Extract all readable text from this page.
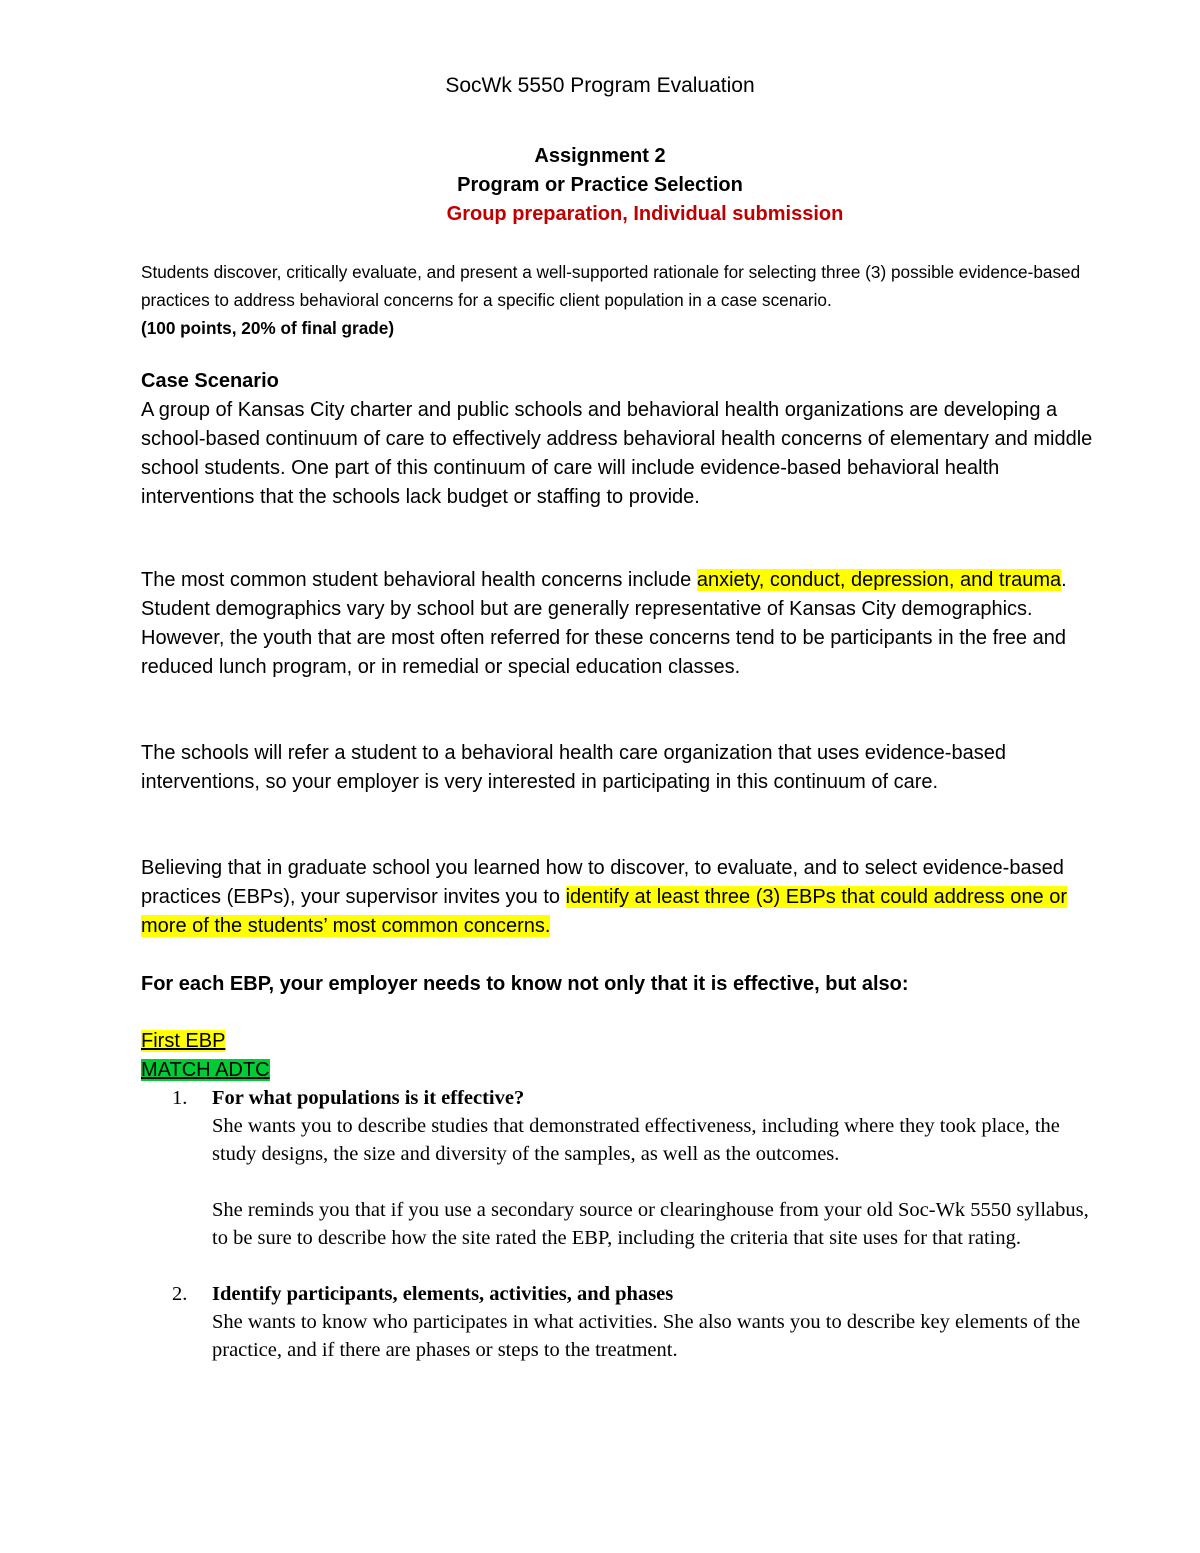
SocWk 5550 Program Evaluation
Assignment 2
Program or Practice Selection
Group preparation, Individual submission
Students discover, critically evaluate, and present a well-supported rationale for selecting three (3) possible evidence-based practices to address behavioral concerns for a specific client population in a case scenario.
(100 points, 20% of final grade)
Case Scenario
A group of Kansas City charter and public schools and behavioral health organizations are developing a school-based continuum of care to effectively address behavioral health concerns of elementary and middle school students. One part of this continuum of care will include evidence-based behavioral health interventions that the schools lack budget or staffing to provide.
The most common student behavioral health concerns include anxiety, conduct, depression, and trauma. Student demographics vary by school but are generally representative of Kansas City demographics. However, the youth that are most often referred for these concerns tend to be participants in the free and reduced lunch program, or in remedial or special education classes.
The schools will refer a student to a behavioral health care organization that uses evidence-based interventions, so your employer is very interested in participating in this continuum of care.
Believing that in graduate school you learned how to discover, to evaluate, and to select evidence-based practices (EBPs), your supervisor invites you to identify at least three (3) EBPs that could address one or more of the students’ most common concerns.
For each EBP, your employer needs to know not only that it is effective, but also:
First EBP
MATCH ADTC
1. For what populations is it effective?
She wants you to describe studies that demonstrated effectiveness, including where they took place, the study designs, the size and diversity of the samples, as well as the outcomes.
She reminds you that if you use a secondary source or clearinghouse from your old Soc-Wk 5550 syllabus, to be sure to describe how the site rated the EBP, including the criteria that site uses for that rating.
2. Identify participants, elements, activities, and phases
She wants to know who participates in what activities. She also wants you to describe key elements of the practice, and if there are phases or steps to the treatment.
